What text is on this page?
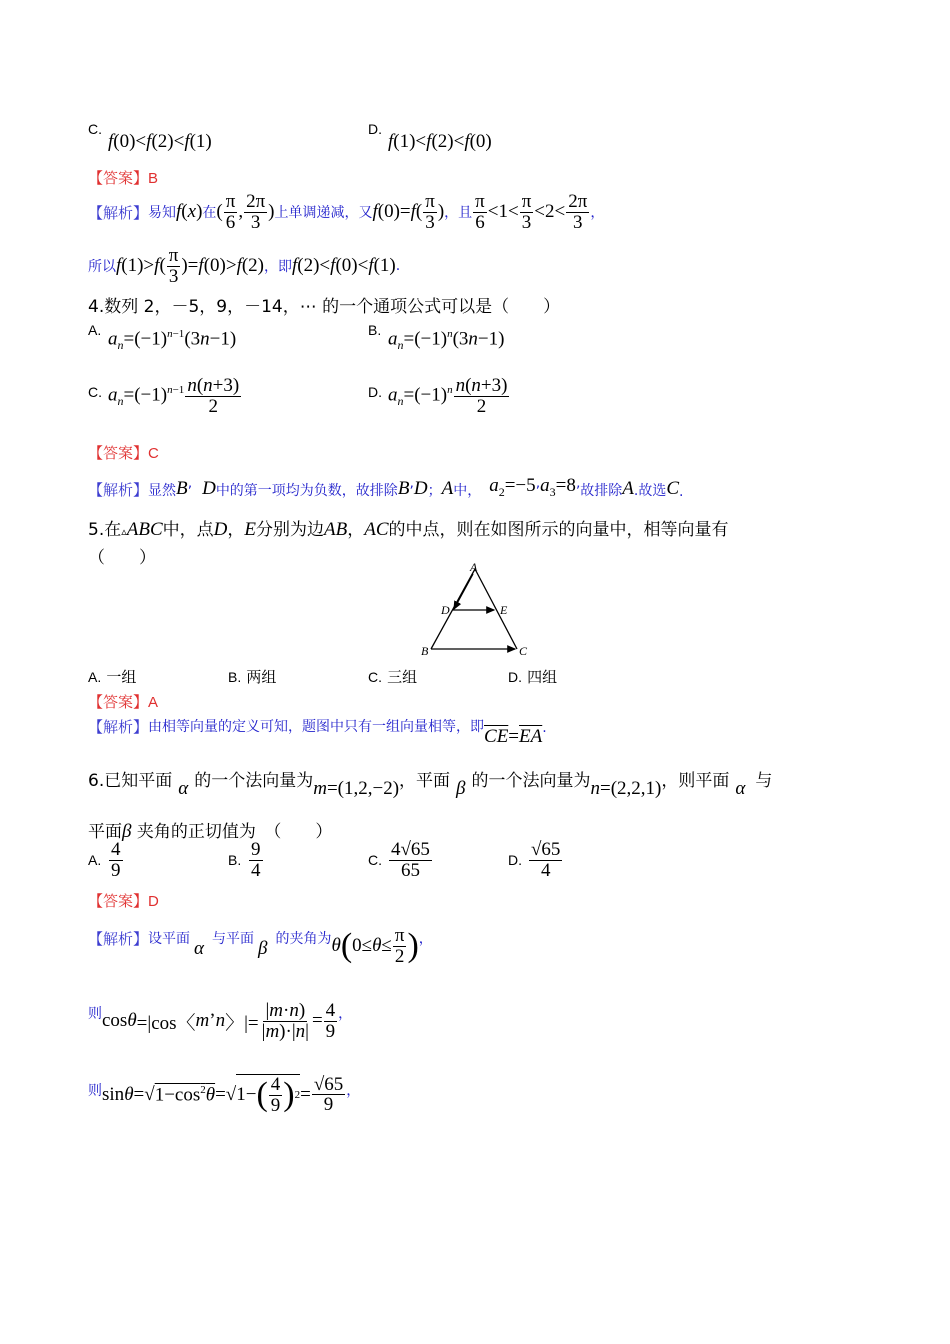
C.
f(0)<f(2)<f(1)
D.
f(1)<f(2)<f(0)
【答案】B
【解析】 易知 f(x) 在 ( $\frac{\pi}{6}$ , $\frac{2\pi}{3}$ ) 上单调递减，又 $f(0)=f( \frac{\pi}{3}$ ) ，且 $\frac{\pi}{6} <1< \frac{\pi}{3} <2< \frac{2\pi}{3}$ ，
所以 $f(1)>f( \frac{\pi}{3} )=f(0)>f(2)$ ，即 f(2)<f(0)<f(1) .
4.数列 2，－5，9，－14，⋯ 的一个通项公式可以是（　　）
A. $a_n=(-1)^{n-1}(3n-1)$	B. $a_n=(-1)^n(3n-1)$
C. $a_n=(-1)^{n-1} \frac{n(n+3)}{2}$	D. $a_n=(-1)^n \frac{n(n+3)}{2}$
【答案】C
【解析】 显然 B ’ D 中的第一项均为负数，故排除 B ’ D ； A 中， $a_2=-5$ ’ $a_3=8$ ’ 故排除 A .故选 C .
5.在▵ABC中，点D，E分别为边AB，AC的中点，则在如图所示的向量中，相等向量有
（　　）	A
D	E
B	C
A. 一组	B. 两组	C. 三组	D. 四组
【答案】A
【解析】 由相等向量的定义可知，题图中只有一组向量相等，即 $\overline{CE}=\overline{EA}$ .
6.已知平面 α 的一个法向量为 m=(1,2,−2) ，平面 β 的一个法向量为 n=(2,2,1) ，则平面 α 与
平面β 夹角的正切值为　（　　）
A. $\frac{4}{9}$	B. $\frac{9}{4}$	C. $\frac{4√65}{65}$	D. $\frac{√65}{4}$
【答案】D
【解析】 设平面 α 与平面 β 的夹角为 θ ( $0\le \theta \le \frac{\pi}{2}$ ) ，
则 cos θ =|cos〈 m ’ n 〉|= $\frac{|m\cdot n)}{|m)\cdot|n|} = \frac{4}{9}$ ，
则 sin θ =√ $1-\cos^2\theta$ =√ 1− ( $\frac{4}{9}$ ) $2 = \frac{√65}{9}$ ，
